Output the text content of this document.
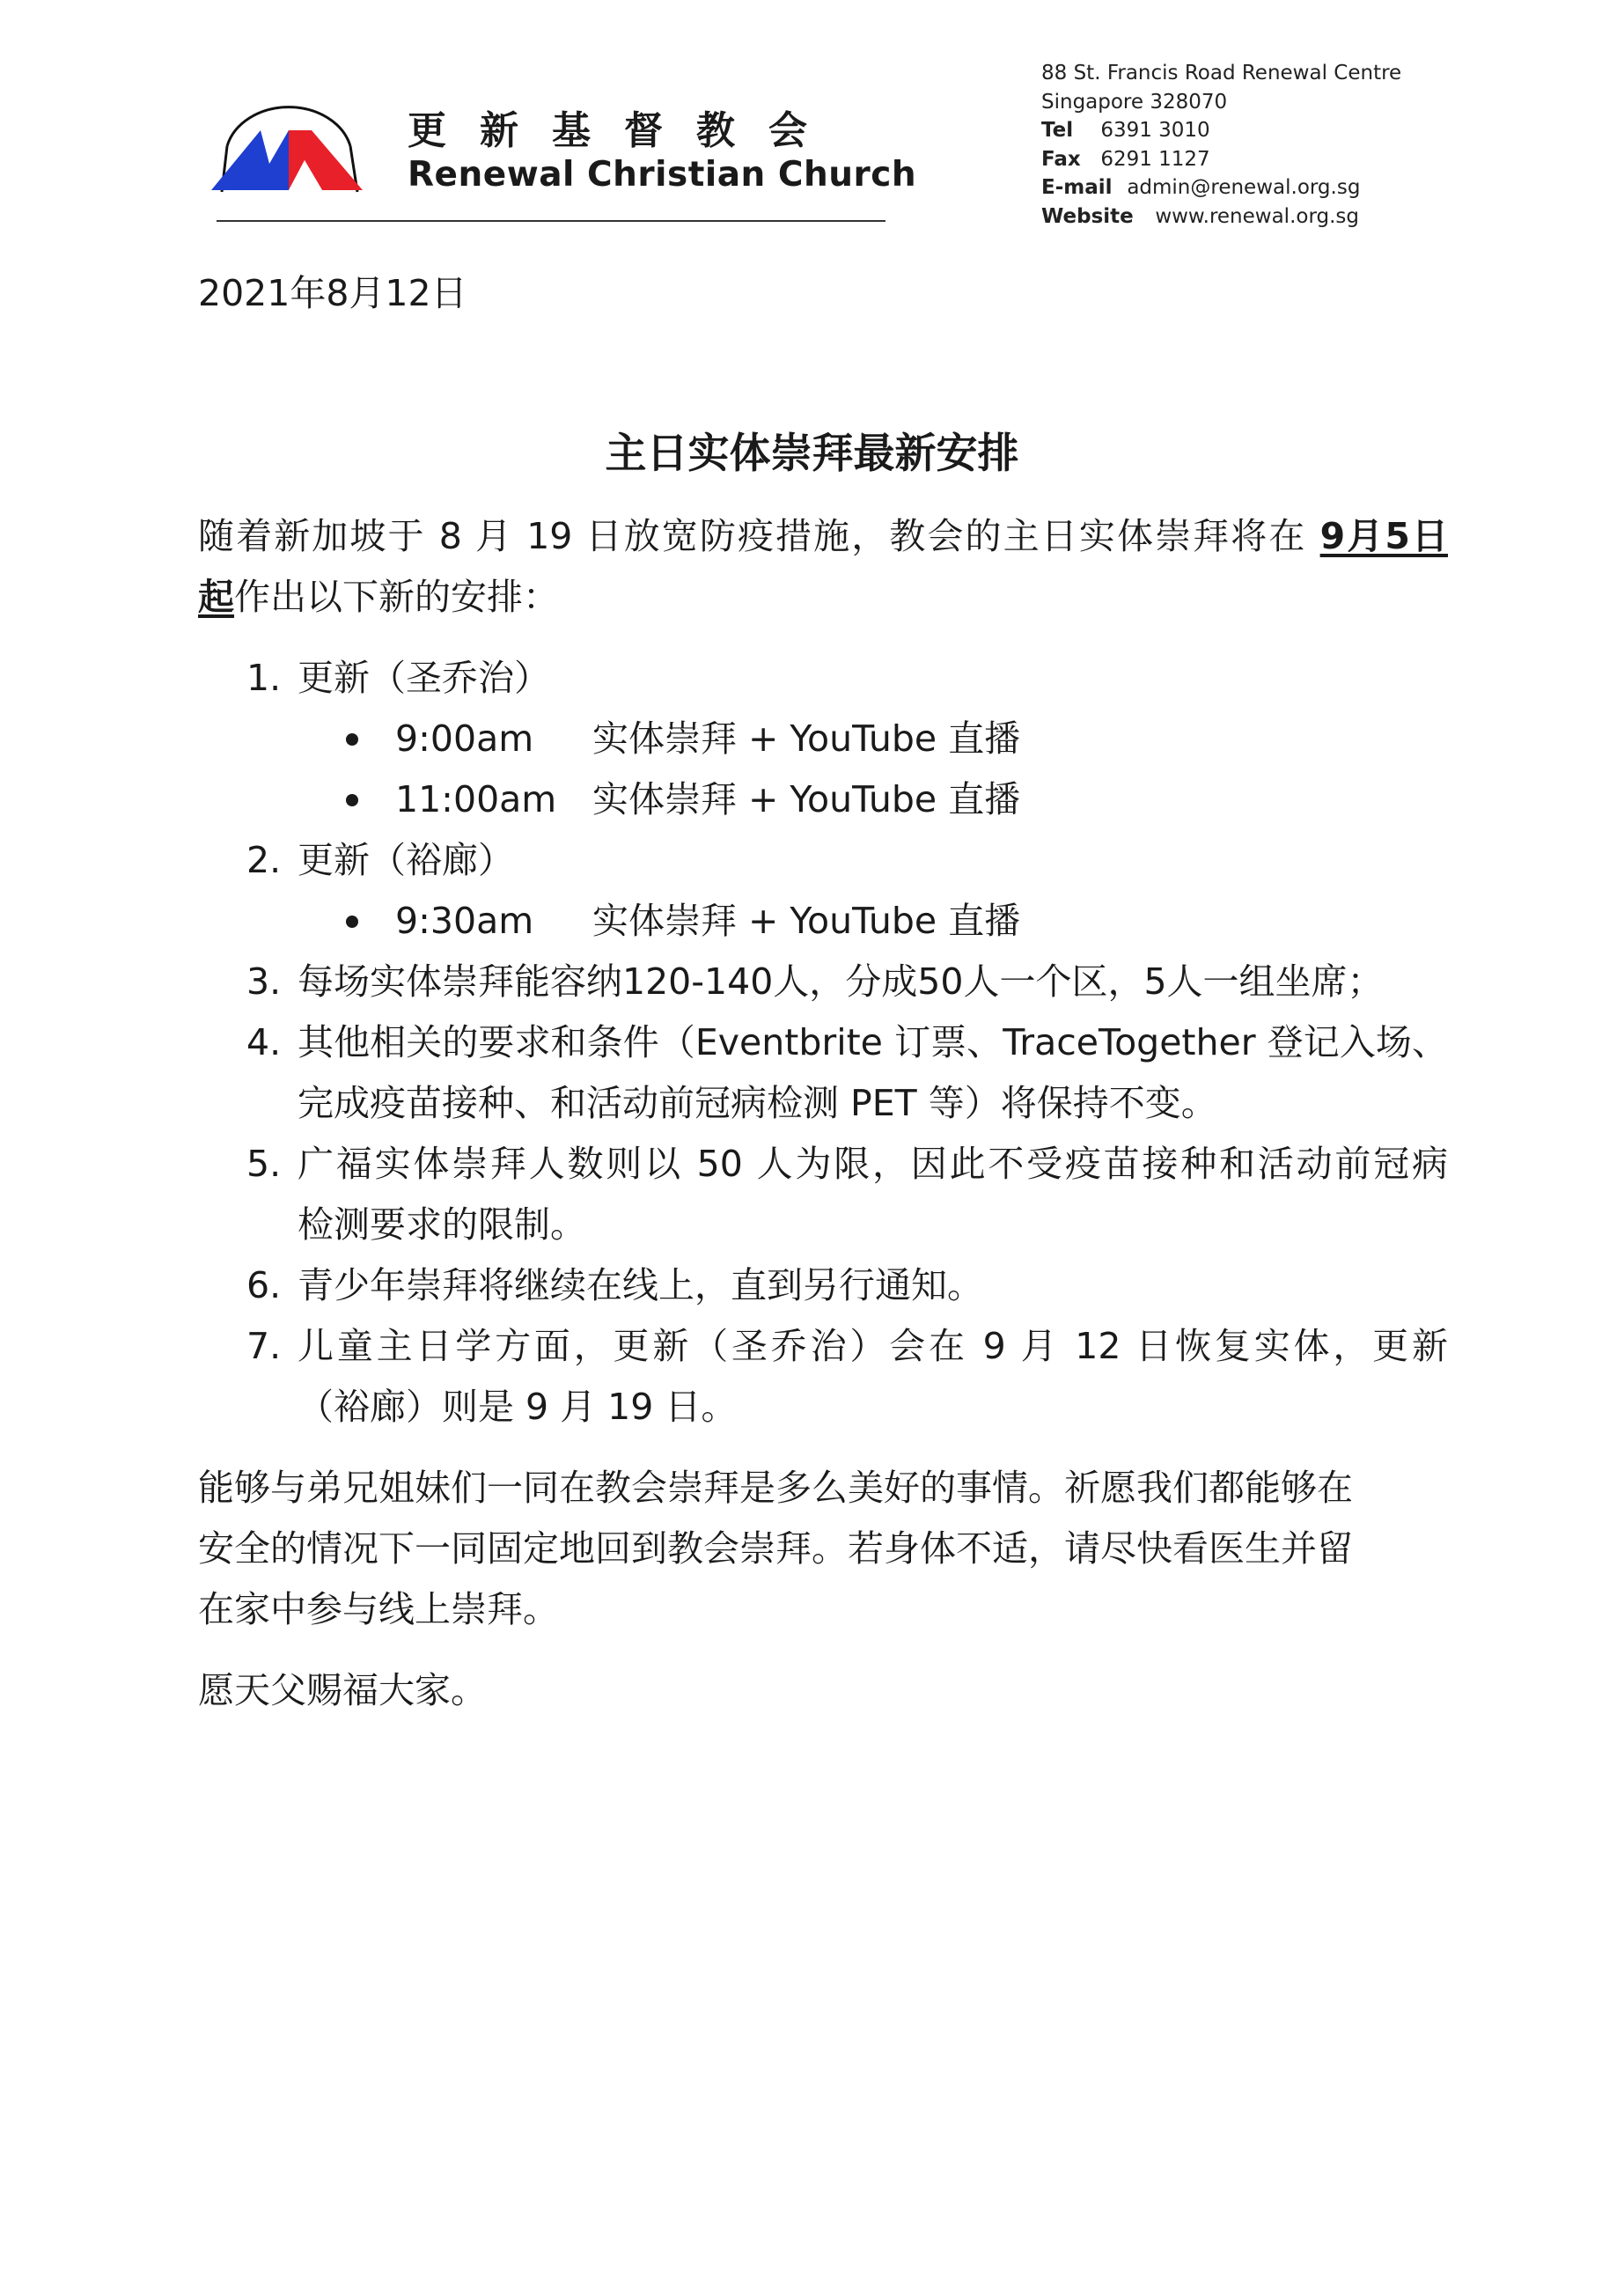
更新基督教会
Renewal Christian Church
88 St. Francis Road Renewal Centre
Singapore 328070
Tel 6391 3010
Fax 6291 1127
E-mail admin@renewal.org.sg
Website www.renewal.org.sg
2021年8月12日
主日实体崇拜最新安排
随着新加坡于 8 月 19 日放宽防疫措施，教会的主日实体崇拜将在 9月5日
起作出以下新的安排：
1. 更新（圣乔治）
9:00am 实体崇拜 + YouTube 直播
11:00am 实体崇拜 + YouTube 直播
2. 更新（裕廊）
9:30am 实体崇拜 + YouTube 直播
3. 每场实体崇拜能容纳120-140人，分成50人一个区，5人一组坐席；
4. 其他相关的要求和条件（Eventbrite 订票、TraceTogether 登记入场、
完成疫苗接种、和活动前冠病检测 PET 等）将保持不变。
5. 广福实体崇拜人数则以 50 人为限，因此不受疫苗接种和活动前冠病
检测要求的限制。
6. 青少年崇拜将继续在线上，直到另行通知。
7. 儿童主日学方面，更新（圣乔治）会在 9 月 12 日恢复实体，更新
（裕廊）则是 9 月 19 日。
能够与弟兄姐妹们一同在教会崇拜是多么美好的事情。祈愿我们都能够在
安全的情况下一同固定地回到教会崇拜。若身体不适，请尽快看医生并留
在家中参与线上崇拜。
愿天父赐福大家。
